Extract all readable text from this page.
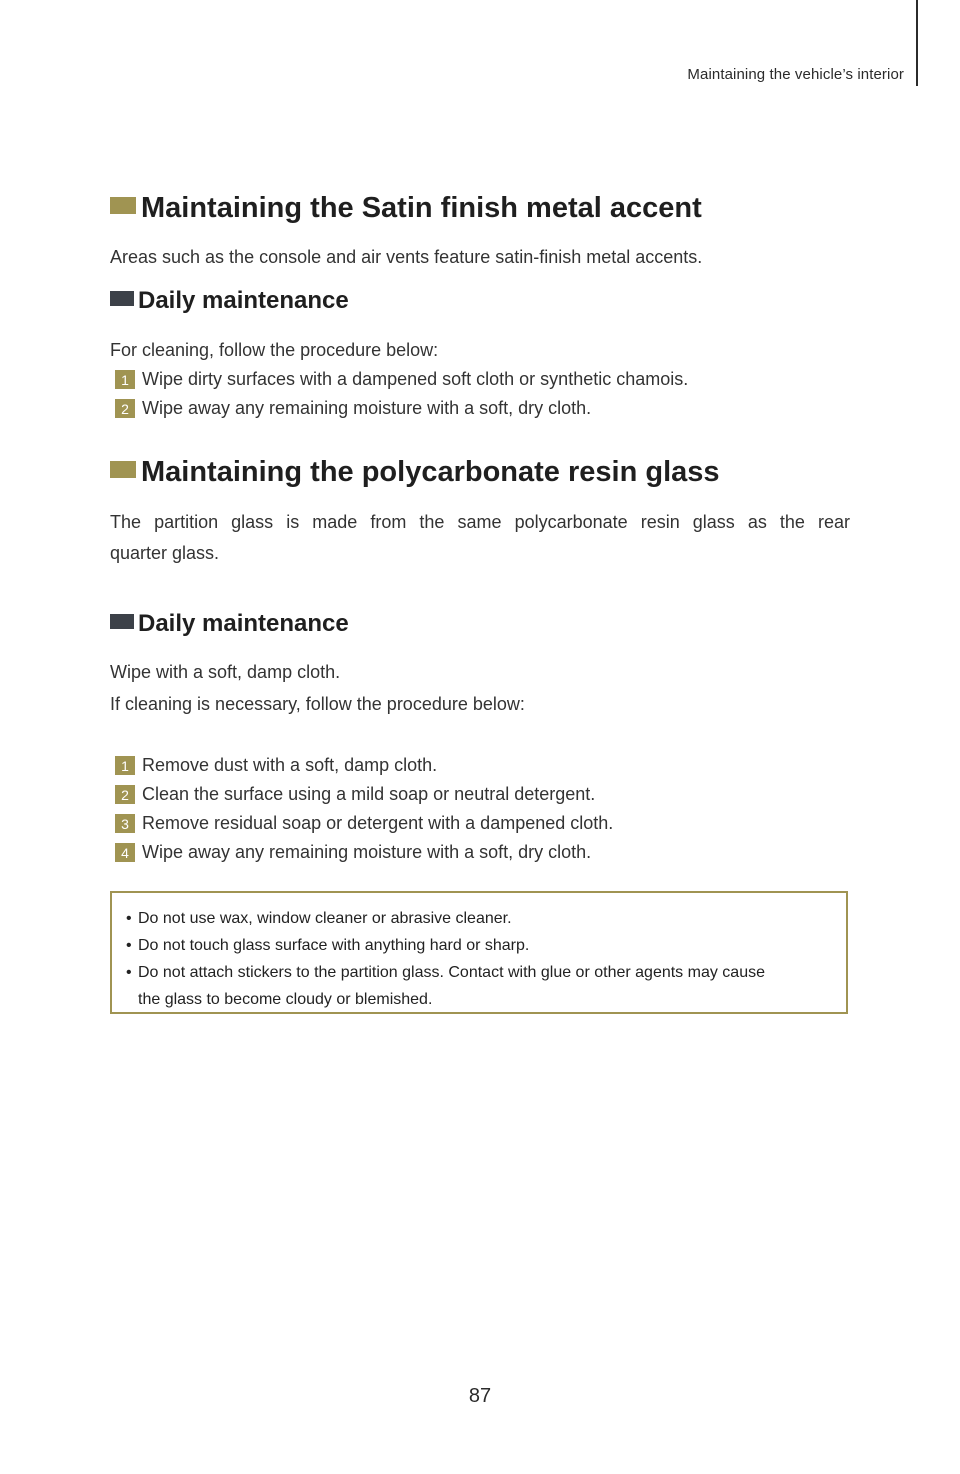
Maintaining the vehicle’s interior
Maintaining the Satin finish metal accent
Areas such as the console and air vents feature satin-finish metal accents.
Daily maintenance
For cleaning, follow the procedure below:
1 Wipe dirty surfaces with a dampened soft cloth or synthetic chamois.
2 Wipe away any remaining moisture with a soft, dry cloth.
Maintaining the polycarbonate resin glass
The partition glass is made from the same polycarbonate resin glass as the rear
quarter glass.
Daily maintenance
Wipe with a soft, damp cloth.
If cleaning is necessary, follow the procedure below:
1 Remove dust with a soft, damp cloth.
2 Clean the surface using a mild soap or neutral detergent.
3 Remove residual soap or detergent with a dampened cloth.
4 Wipe away any remaining moisture with a soft, dry cloth.
• Do not use wax, window cleaner or abrasive cleaner.
• Do not touch glass surface with anything hard or sharp.
• Do not attach stickers to the partition glass. Contact with glue or other agents may cause
the glass to become cloudy or blemished.
87
